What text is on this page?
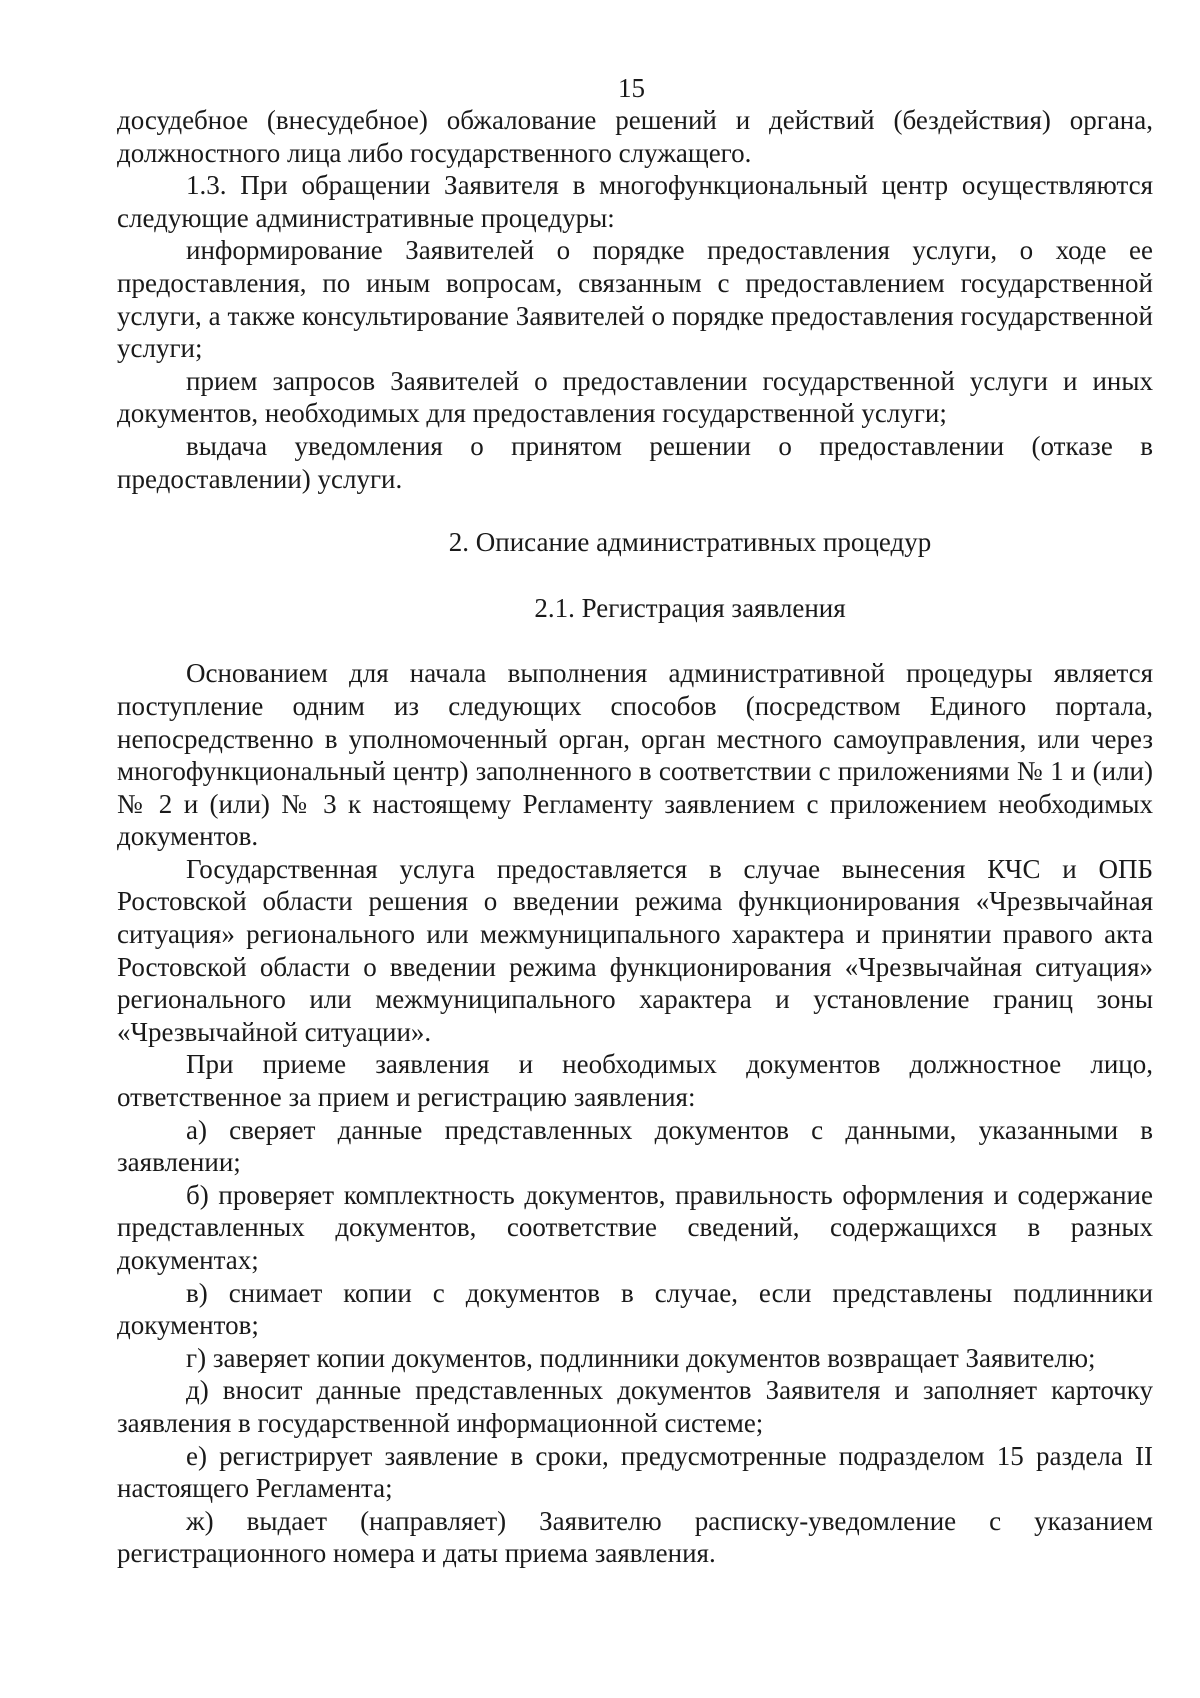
15

досудебное (внесудебное) обжалование решений и действий (бездействия) органа, должностного лица либо государственного служащего.

1.3. При обращении Заявителя в многофункциональный центр осуществляются следующие административные процедуры:

информирование Заявителей о порядке предоставления услуги, о ходе ее предоставления, по иным вопросам, связанным с предоставлением государственной услуги, а также консультирование Заявителей о порядке предоставления государственной услуги;

прием запросов Заявителей о предоставлении государственной услуги и иных документов, необходимых для предоставления государственной услуги;

выдача уведомления о принятом решении о предоставлении (отказе в предоставлении) услуги.

2. Описание административных процедур
2.1. Регистрация заявления

Основанием для начала выполнения административной процедуры является поступление одним из следующих способов (посредством Единого портала, непосредственно в уполномоченный орган, орган местного самоуправления, или через многофункциональный центр) заполненного в соответствии с приложениями № 1 и (или) № 2 и (или) № 3 к настоящему Регламенту заявлением с приложением необходимых документов.

Государственная услуга предоставляется в случае вынесения КЧС и ОПБ Ростовской области решения о введении режима функционирования «Чрезвычайная ситуация» регионального или межмуниципального характера и принятии правого акта Ростовской области о введении режима функционирования «Чрезвычайная ситуация» регионального или межмуниципального характера и установление границ зоны «Чрезвычайной ситуации».

При приеме заявления и необходимых документов должностное лицо, ответственное за прием и регистрацию заявления:

а) сверяет данные представленных документов с данными, указанными в заявлении;

б) проверяет комплектность документов, правильность оформления и содержание представленных документов, соответствие сведений, содержащихся в разных документах;

в) снимает копии с документов в случае, если представлены подлинники документов;

г) заверяет копии документов, подлинники документов возвращает Заявителю;

д) вносит данные представленных документов Заявителя и заполняет карточку заявления в государственной информационной системе;

е) регистрирует заявление в сроки, предусмотренные подразделом 15 раздела II настоящего Регламента;

ж) выдает (направляет) Заявителю расписку-уведомление с указанием регистрационного номера и даты приема заявления.
